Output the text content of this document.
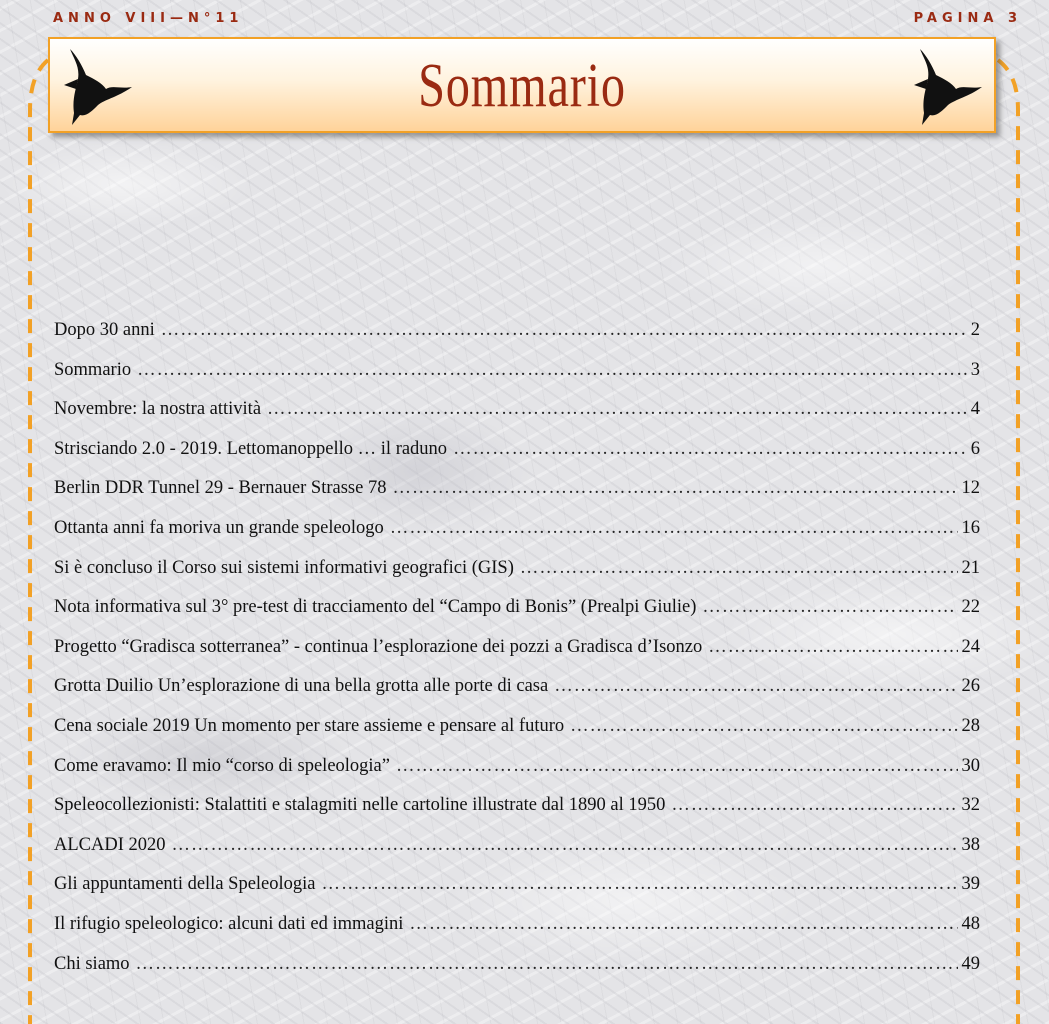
ANNO VIII—N°11	PAGINA 3
Sommario
Dopo 30 anni ……………………………………………………………………………………………………………………………………………………………………………………………………	2
Sommario ……………………………………………………………………………………………………………………………………………………………………………………………………	3
Novembre: la nostra attività ……………………………………………………………………………………………………………………………………………………………………………………………………	4
Strisciando 2.0 - 2019. Lettomanoppello … il raduno ……………………………………………………………………………………………………………………………………………………………………………………………………	6
Berlin DDR Tunnel 29 - Bernauer Strasse 78 ……………………………………………………………………………………………………………………………………………………………………………………………………	12
Ottanta anni fa moriva un grande speleologo ……………………………………………………………………………………………………………………………………………………………………………………………………	16
Si è concluso il Corso sui sistemi informativi geografici (GIS) ……………………………………………………………………………………………………………………………………………………………………………………………………	21
Nota informativa sul 3° pre-test di tracciamento del “Campo di Bonis” (Prealpi Giulie) ……………………………………………………………………………………………………………………………………………………………………………………………………	22
Progetto “Gradisca sotterranea” - continua l’esplorazione dei pozzi a Gradisca d’Isonzo ……………………………………………………………………………………………………………………………………………………………………………………………………	24
Grotta Duilio Un’esplorazione di una bella grotta alle porte di casa ……………………………………………………………………………………………………………………………………………………………………………………………………	26
Cena sociale 2019 Un momento per stare assieme e pensare al futuro ……………………………………………………………………………………………………………………………………………………………………………………………………	28
Come eravamo: Il mio “corso di speleologia” ……………………………………………………………………………………………………………………………………………………………………………………………………	30
Speleocollezionisti: Stalattiti e stalagmiti nelle cartoline illustrate dal 1890 al 1950 ……………………………………………………………………………………………………………………………………………………………………………………………………	32
ALCADI 2020 ……………………………………………………………………………………………………………………………………………………………………………………………………	38
Gli appuntamenti della Speleologia ……………………………………………………………………………………………………………………………………………………………………………………………………	39
Il rifugio speleologico: alcuni dati ed immagini ……………………………………………………………………………………………………………………………………………………………………………………………………	48
Chi siamo ……………………………………………………………………………………………………………………………………………………………………………………………………	49
